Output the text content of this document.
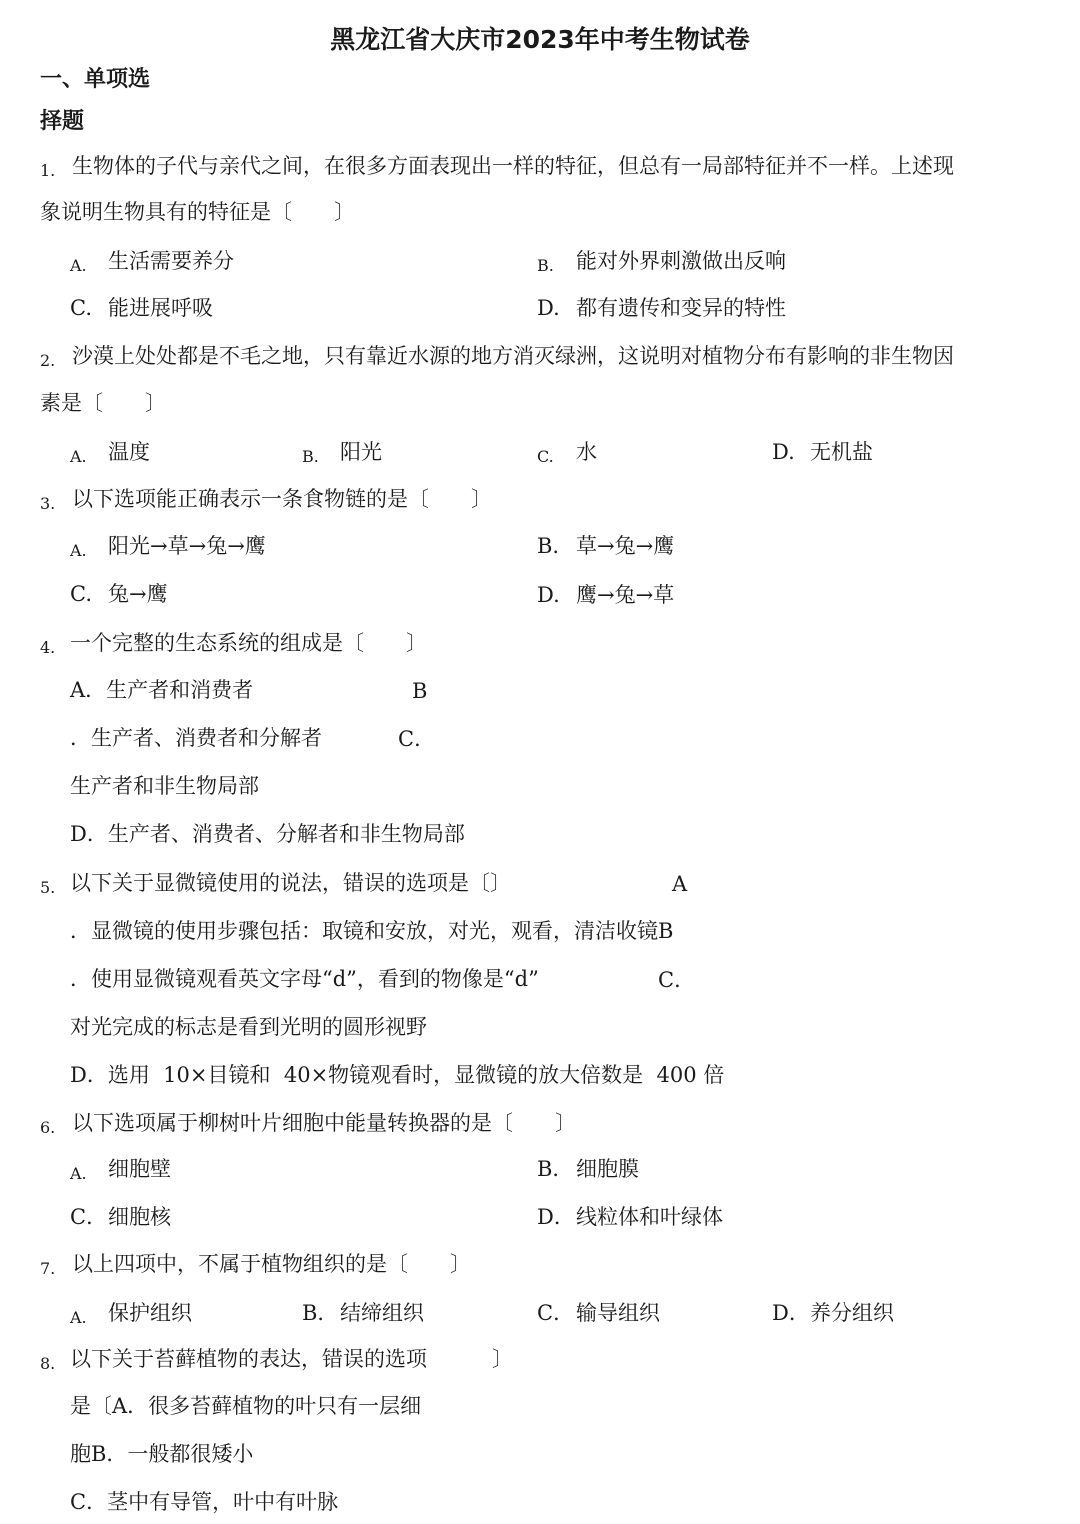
黑龙江省大庆市2023年中考生物试卷
一、单项选
择题
1. 生物体的子代与亲代之间，在很多方面表现出一样的特征，但总有一局部特征并不一样。上述现
象说明生物具有的特征是〔　　〕
A. 生活需要养分	B. 能对外界刺激做出反响
C. 能进展呼吸	D. 都有遗传和变异的特性
2. 沙漠上处处都是不毛之地，只有靠近水源的地方消灭绿洲，这说明对植物分布有影响的非生物因
素是〔　　〕
A. 温度	B. 阳光	C. 水	D. 无机盐
3. 以下选项能正确表示一条食物链的是〔　　〕
A. 阳光→草→兔→鹰	B. 草→兔→鹰
C. 兔→鹰	D. 鹰→兔→草
4. 一个完整的生态系统的组成是〔　　〕
A．生产者和消费者	B
．生产者、消费者和分解者	C．
生产者和非生物局部
D．生产者、消费者、分解者和非生物局部
5. 以下关于显微镜使用的说法，错误的选项是〔〕	A
．显微镜的使用步骤包括：取镜和安放，对光，观看，清洁收镜B
．使用显微镜观看英文字母“d”，看到的物像是“d”	C．
对光完成的标志是看到光明的圆形视野
D．选用  10×目镜和  40×物镜观看时，显微镜的放大倍数是  400 倍
6. 以下选项属于柳树叶片细胞中能量转换器的是〔　　〕
A. 细胞壁	B． 细胞膜
C． 细胞核	D． 线粒体和叶绿体
7. 以上四项中，不属于植物组织的是〔　　〕
A. 保护组织	B． 结缔组织	C． 输导组织	D． 养分组织
8. 以下关于苔藓植物的表达，错误的选项	〕
是〔A．很多苔藓植物的叶只有一层细
胞B．一般都很矮小
C．茎中有导管，叶中有叶脉
